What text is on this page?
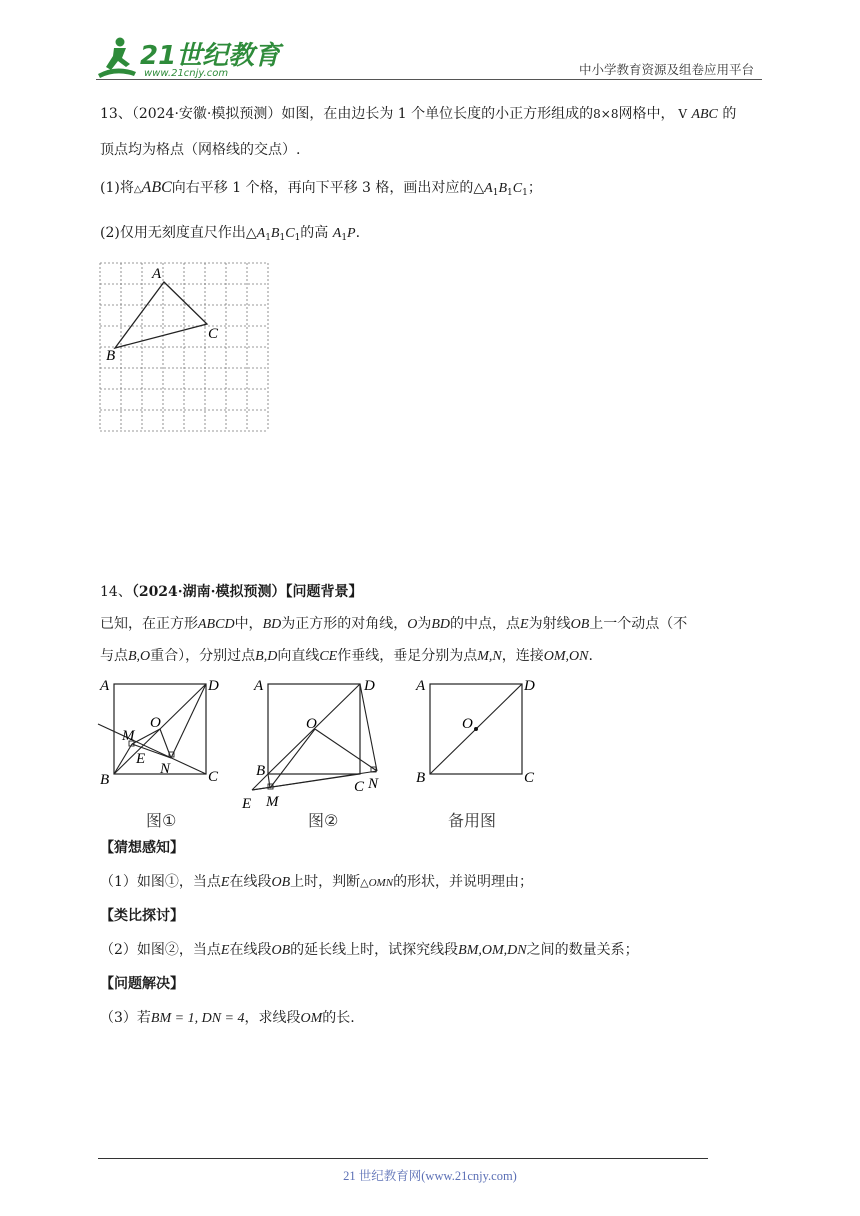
21世纪教育
www.21cnjy.com	中小学教育资源及组卷应用平台
13、（2024·安徽·模拟预测）如图，在由边长为 1 个单位长度的小正方形组成的8×8网格中， V ABC 的
顶点均为格点（网格线的交点）.
(1)将△ABC向右平移 1 个格，再向下平移 3 格，画出对应的$\triangle A_1B_1C_1$；
(2)仅用无刻度直尺作出$\triangle A_1B_1C_1$的高 $A_1P$.
A
C
B
14、（2024·湖南·模拟预测）【问题背景】
已知，在正方形ABCD中，BD为正方形的对角线，O为BD的中点，点E为射线OB上一个动点（不
与点B,O重合），分别过点B,D向直线CE作垂线，垂足分别为点M,N，连接OM,ON.
A	D
B	C
M
O
E
N
图①
A	D
B
C N
O
E M
图②
A	D
B	C
O
备用图
【猜想感知】
（1）如图①，当点E在线段OB上时，判断△OMN的形状，并说明理由；
【类比探讨】
（2）如图②，当点E在线段OB的延长线上时，试探究线段BM,OM,DN之间的数量关系；
【问题解决】
（3）若BM = 1, DN = 4，求线段OM的长.
21 世纪教育网(www.21cnjy.com)
